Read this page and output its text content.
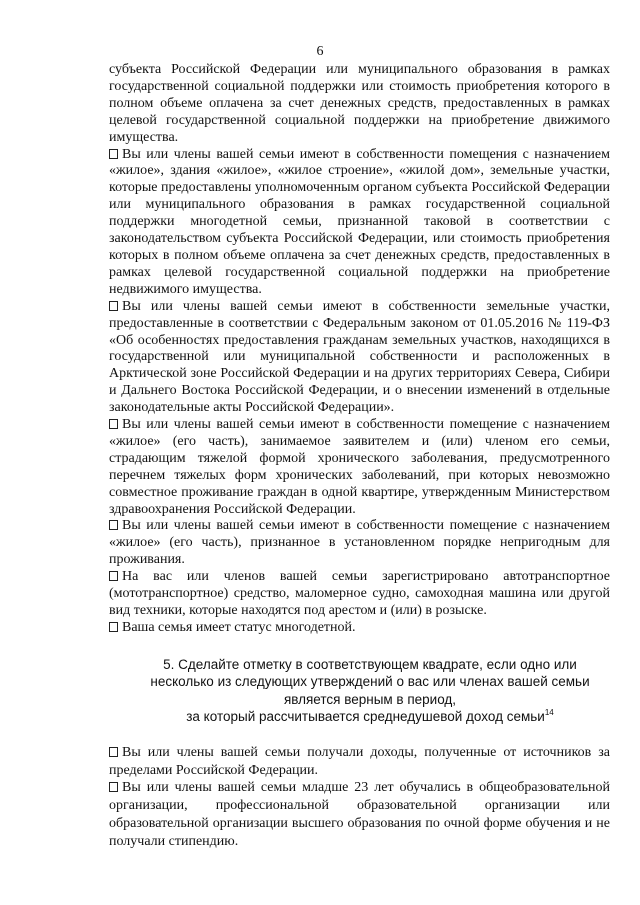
6

субъекта Российской Федерации или муниципального образования в рамках государственной социальной поддержки или стоимость приобретения которого в полном объеме оплачена за счет денежных средств, предоставленных в рамках целевой государственной социальной поддержки на приобретение движимого имущества.

Вы или члены вашей семьи имеют в собственности помещения с назначением «жилое», здания «жилое», «жилое строение», «жилой дом», земельные участки, которые предоставлены уполномоченным органом субъекта Российской Федерации или муниципального образования в рамках государственной социальной поддержки многодетной семьи, признанной таковой в соответствии с законодательством субъекта Российской Федерации, или стоимость приобретения которых в полном объеме оплачена за счет денежных средств, предоставленных в рамках целевой государственной социальной поддержки на приобретение недвижимого имущества.

Вы или члены вашей семьи имеют в собственности земельные участки, предоставленные в соответствии с Федеральным законом от 01.05.2016 № 119-ФЗ «Об особенностях предоставления гражданам земельных участков, находящихся в государственной или муниципальной собственности и расположенных в Арктической зоне Российской Федерации и на других территориях Севера, Сибири и Дальнего Востока Российской Федерации, и о внесении изменений в отдельные законодательные акты Российской Федерации».

Вы или члены вашей семьи имеют в собственности помещение с назначением «жилое» (его часть), занимаемое заявителем и (или) членом его семьи, страдающим тяжелой формой хронического заболевания, предусмотренного перечнем тяжелых форм хронических заболеваний, при которых невозможно совместное проживание граждан в одной квартире, утвержденным Министерством здравоохранения Российской Федерации.

Вы или члены вашей семьи имеют в собственности помещение с назначением «жилое» (его часть), признанное в установленном порядке непригодным для проживания.

На вас или членов вашей семьи зарегистрировано автотранспортное (мототранспортное) средство, маломерное судно, самоходная машина или другой вид техники, которые находятся под арестом и (или) в розыске.

Ваша семья имеет статус многодетной.

5. Сделайте отметку в соответствующем квадрате, если одно или

несколько из следующих утверждений о вас или членах вашей семьи

является верным в период,

за который рассчитывается среднедушевой доход семьи$^{14}$

Вы или члены вашей семьи получали доходы, полученные от источников за пределами Российской Федерации.

Вы или члены вашей семьи младше 23 лет обучались в общеобразовательной организации, профессиональной образовательной организации или образовательной организации высшего образования по очной форме обучения и не получали стипендию.
